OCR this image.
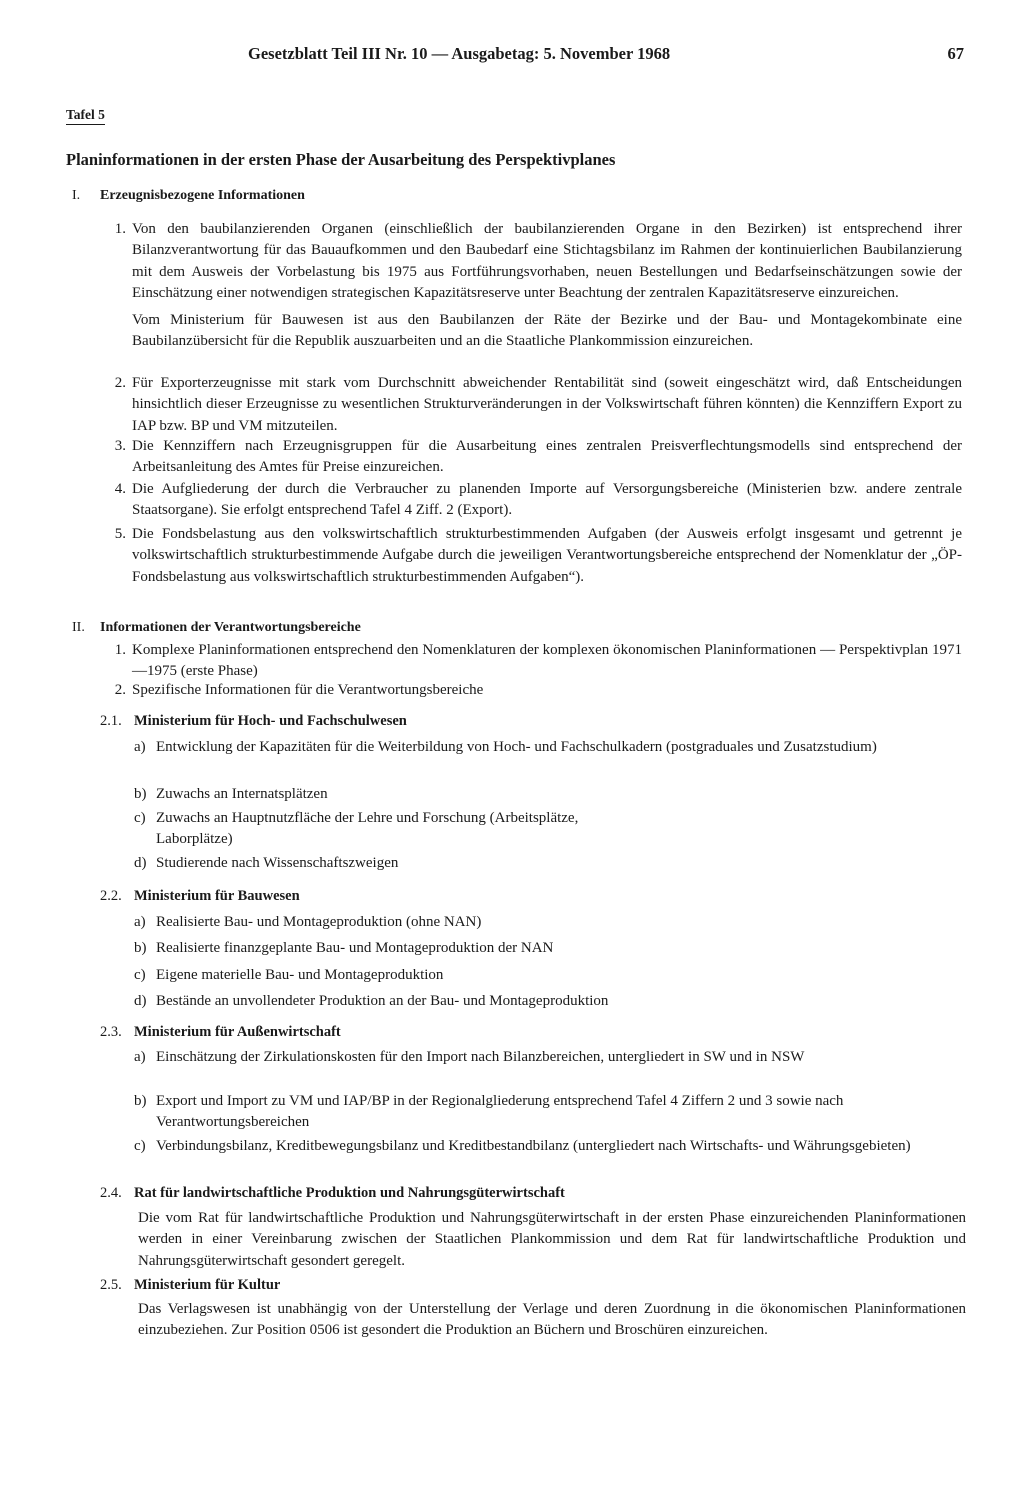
Gesetzblatt Teil III Nr. 10 — Ausgabetag: 5. November 1968	67
Tafel 5
Planinformationen in der ersten Phase der Ausarbeitung des Perspektivplanes
I. Erzeugnisbezogene Informationen
1. Von den baubilanzierenden Organen (einschließlich der baubilanzierenden Organe in den Bezirken) ist entsprechend ihrer Bilanzverantwortung für das Bauaufkommen und den Baubedarf eine Stichtagsbilanz im Rahmen der kontinuierlichen Baubilanzierung mit dem Ausweis der Vorbelastung bis 1975 aus Fortführungsvorhaben, neuen Bestellungen und Bedarfseinschätzungen sowie der Einschätzung einer notwendigen strategischen Kapazitätsreserve unter Beachtung der zentralen Kapazitätsreserve einzureichen.

Vom Ministerium für Bauwesen ist aus den Baubilanzen der Räte der Bezirke und der Bau- und Montagekombinate eine Baubilanzübersicht für die Republik auszuarbeiten und an die Staatliche Plankommission einzureichen.

2. Für Exporterzeugnisse mit stark vom Durchschnitt abweichender Rentabilität sind (soweit eingeschätzt wird, daß Entscheidungen hinsichtlich dieser Erzeugnisse zu wesentlichen Strukturveränderungen in der Volkswirtschaft führen könnten) die Kennziffern Export zu IAP bzw. BP und VM mitzuteilen.

3. Die Kennziffern nach Erzeugnisgruppen für die Ausarbeitung eines zentralen Preisverflechtungsmodells sind entsprechend der Arbeitsanleitung des Amtes für Preise einzureichen.

4. Die Aufgliederung der durch die Verbraucher zu planenden Importe auf Versorgungsbereiche (Ministerien bzw. andere zentrale Staatsorgane). Sie erfolgt entsprechend Tafel 4 Ziff. 2 (Export).

5. Die Fondsbelastung aus den volkswirtschaftlich strukturbestimmenden Aufgaben (der Ausweis erfolgt insgesamt und getrennt je volkswirtschaftlich strukturbestimmende Aufgabe durch die jeweiligen Verantwortungsbereiche entsprechend der Nomenklatur der „ÖP-Fondsbelastung aus volkswirtschaftlich strukturbestimmenden Aufgaben“).

II. Informationen der Verantwortungsbereiche
1. Komplexe Planinformationen entsprechend den Nomenklaturen der komplexen ökonomischen Planinformationen — Perspektivplan 1971—1975 (erste Phase)

2. Spezifische Informationen für die Verantwortungsbereiche

2.1. Ministerium für Hoch- und Fachschulwesen
a) Entwicklung der Kapazitäten für die Weiterbildung von Hoch- und Fachschulkadern (postgraduales und Zusatzstudium)
b) Zuwachs an Internatsplätzen
c) Zuwachs an Hauptnutzfläche der Lehre und Forschung (Arbeitsplätze, Laborplätze)
d) Studierende nach Wissenschaftszweigen
2.2. Ministerium für Bauwesen
a) Realisierte Bau- und Montageproduktion (ohne NAN)
b) Realisierte finanzgeplante Bau- und Montageproduktion der NAN
c) Eigene materielle Bau- und Montageproduktion
d) Bestände an unvollendeter Produktion an der Bau- und Montageproduktion
2.3. Ministerium für Außenwirtschaft
a) Einschätzung der Zirkulationskosten für den Import nach Bilanzbereichen, untergliedert in SW und in NSW
b) Export und Import zu VM und IAP/BP in der Regionalgliederung entsprechend Tafel 4 Ziffern 2 und 3 sowie nach Verantwortungsbereichen
c) Verbindungsbilanz, Kreditbewegungsbilanz und Kreditbestandbilanz (untergliedert nach Wirtschafts- und Währungsgebieten)
2.4. Rat für landwirtschaftliche Produktion und Nahrungsgüterwirtschaft
Die vom Rat für landwirtschaftliche Produktion und Nahrungsgüterwirtschaft in der ersten Phase einzureichenden Planinformationen werden in einer Vereinbarung zwischen der Staatlichen Plankommission und dem Rat für landwirtschaftliche Produktion und Nahrungsgüterwirtschaft gesondert geregelt.
2.5. Ministerium für Kultur
Das Verlagswesen ist unabhängig von der Unterstellung der Verlage und deren Zuordnung in die ökonomischen Planinformationen einzubeziehen. Zur Position 0506 ist gesondert die Produktion an Büchern und Broschüren einzureichen.
